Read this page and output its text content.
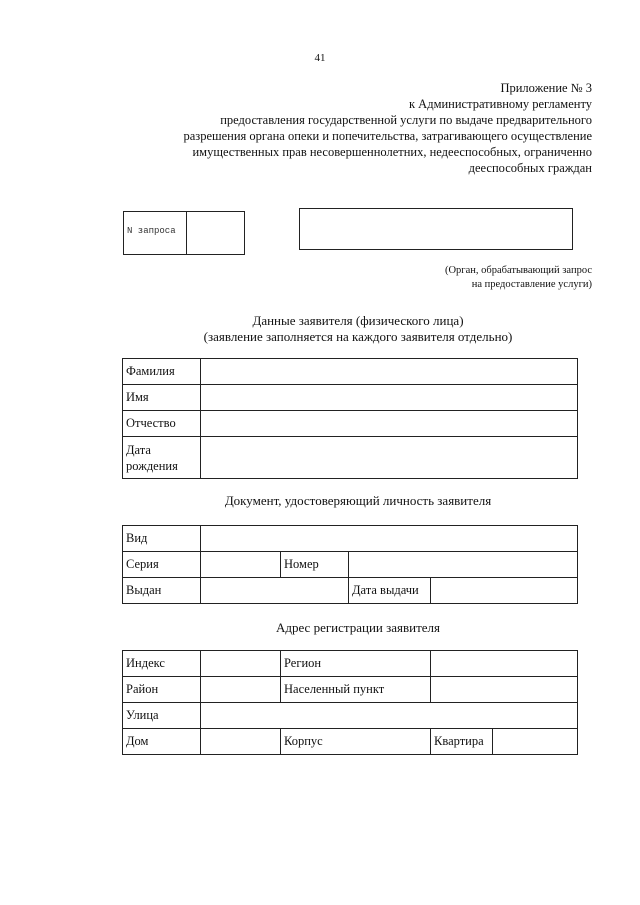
41
Приложение № 3
к Административному регламенту
предоставления государственной услуги по выдаче предварительного
разрешения органа опеки и попечительства, затрагивающего осуществление
имущественных прав несовершеннолетних, недееспособных, ограниченно
дееспособных граждан
N запроса
(Орган, обрабатывающий запрос
на предоставление услуги)
Данные заявителя (физического лица)
(заявление заполняется на каждого заявителя отдельно)
Фамилия	
Имя	
Отчество	

Дата
рождения	

Документ, удостоверяющий личность заявителя
Вид				
Серия		Номер		
Выдан			Дата выдачи	
Адрес регистрации заявителя
Индекс		Регион		
Район		Населенный пункт		
Улица				
Дом		Корпус	Квартира	
